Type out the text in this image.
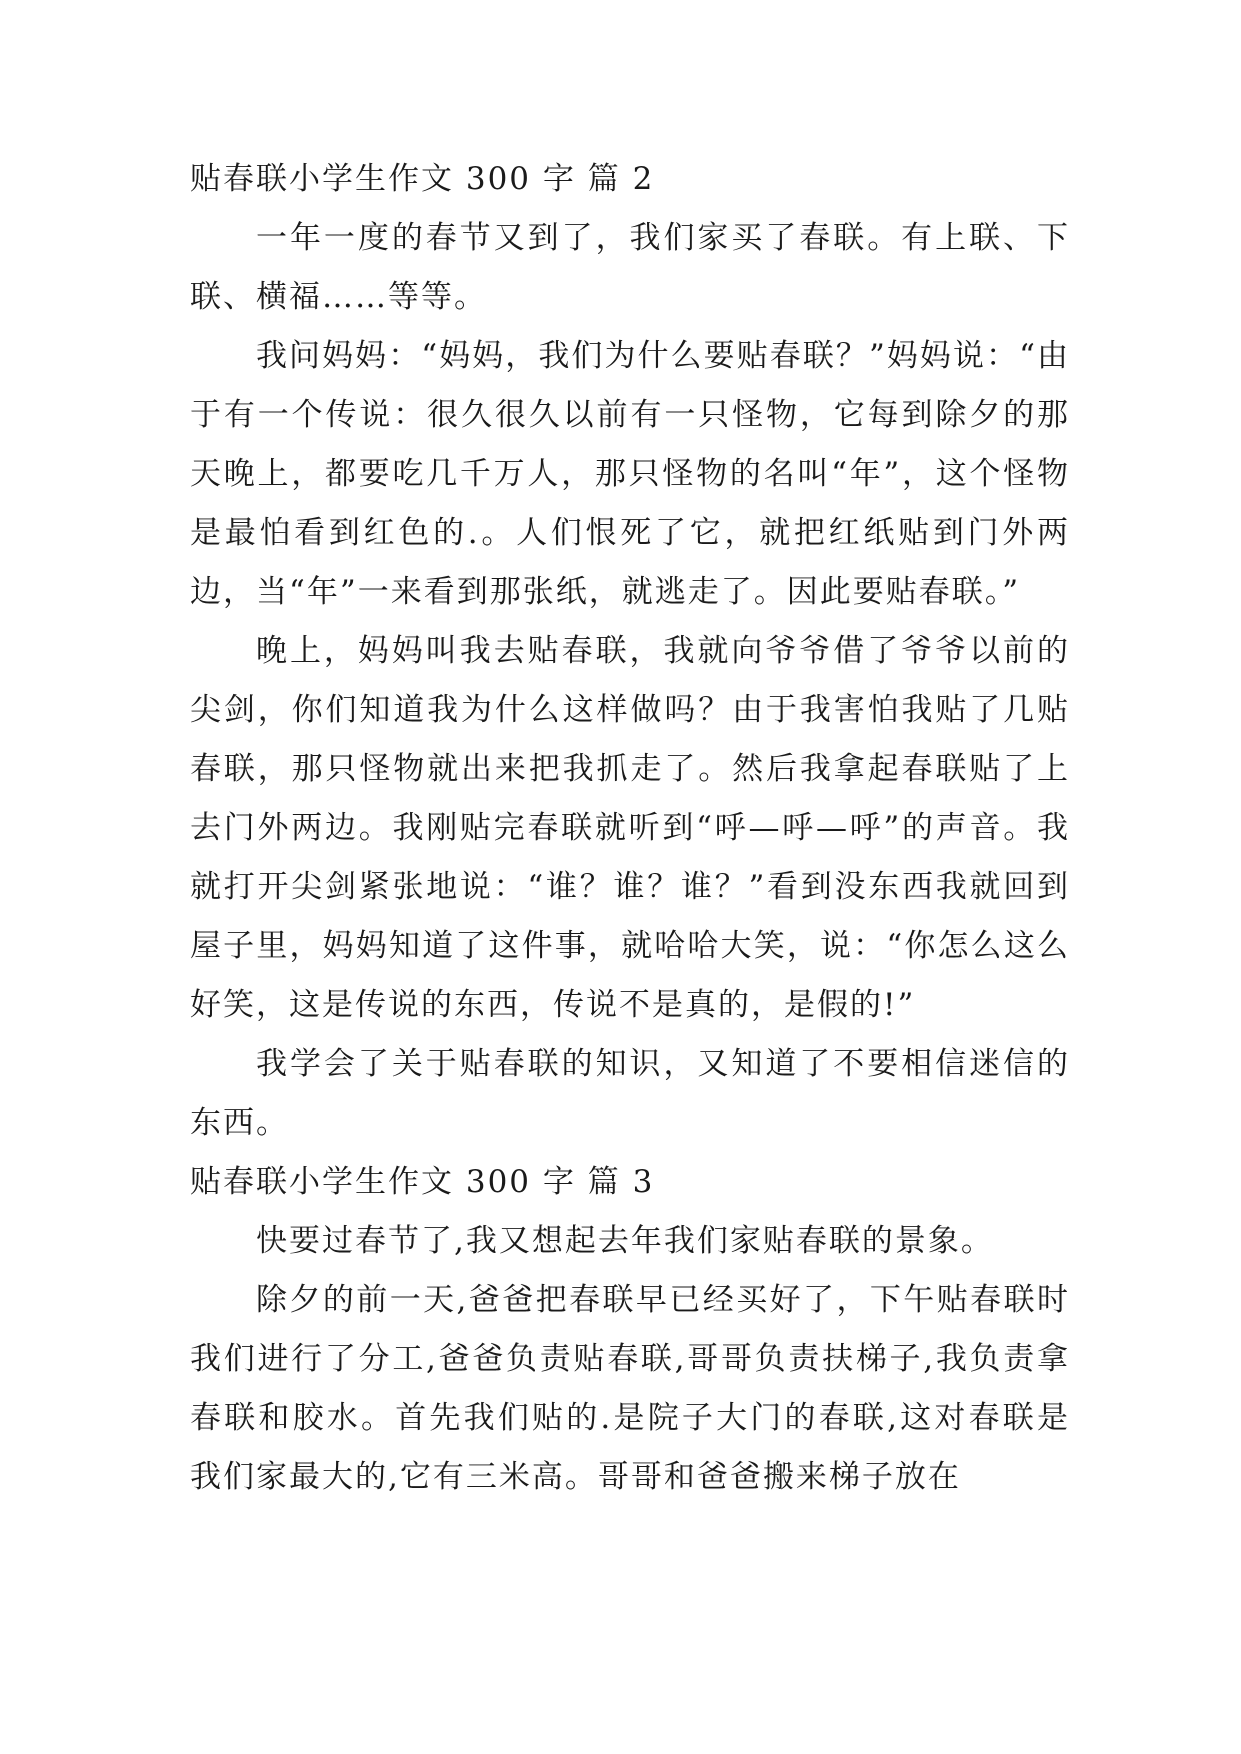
贴春联小学生作文 300 字 篇 2

一年一度的春节又到了，我们家买了春联。有上联、下联、横福……等等。

我问妈妈：“妈妈，我们为什么要贴春联？”妈妈说：“由于有一个传说：很久很久以前有一只怪物，它每到除夕的那天晚上，都要吃几千万人，那只怪物的名叫“年”，这个怪物是最怕看到红色的.。人们恨死了它，就把红纸贴到门外两边，当“年”一来看到那张纸，就逃走了。因此要贴春联。”

晚上，妈妈叫我去贴春联，我就向爷爷借了爷爷以前的尖剑，你们知道我为什么这样做吗？由于我害怕我贴了几贴春联，那只怪物就出来把我抓走了。然后我拿起春联贴了上去门外两边。我刚贴完春联就听到“呼—呼—呼”的声音。我就打开尖剑紧张地说：“谁？谁？谁？”看到没东西我就回到屋子里，妈妈知道了这件事，就哈哈大笑，说：“你怎么这么好笑，这是传说的东西，传说不是真的，是假的!”

我学会了关于贴春联的知识，又知道了不要相信迷信的东西。

贴春联小学生作文 300 字 篇 3

快要过春节了,我又想起去年我们家贴春联的景象。

除夕的前一天,爸爸把春联早已经买好了，下午贴春联时我们进行了分工,爸爸负责贴春联,哥哥负责扶梯子,我负责拿春联和胶水。首先我们贴的.是院子大门的春联,这对春联是我们家最大的,它有三米高。哥哥和爸爸搬来梯子放在
